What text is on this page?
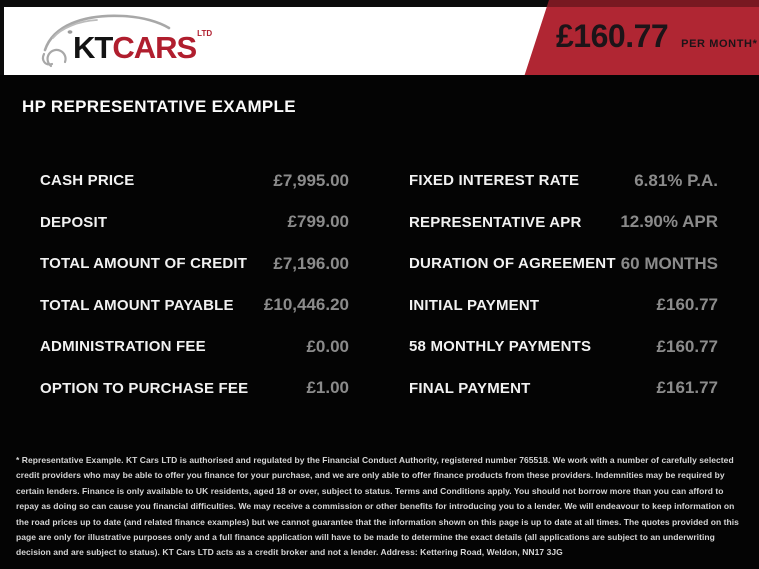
$KTCARS^{LTD}$	£160.77 PER MONTH*
HP REPRESENTATIVE EXAMPLE
CASH PRICE	£7,995.00
DEPOSIT	£799.00
TOTAL AMOUNT OF CREDIT £7,196.00
TOTAL AMOUNT PAYABLE £10,446.20
ADMINISTRATION FEE	£0.00
OPTION TO PURCHASE FEE	£1.00
FIXED INTEREST RATE	6.81% P.A.
REPRESENTATIVE APR 12.90% APR
DURATION OF AGREEMENT 60 MONTHS
INITIAL PAYMENT	£160.77
58 MONTHLY PAYMENTS	£160.77
FINAL PAYMENT	£161.77

* Representative Example. KT Cars LTD is authorised and regulated by the Financial Conduct Authority, registered number 765518. We work with a number of carefully selected credit providers who may be able to offer you finance for your purchase, and we are only able to offer finance products from these providers. Indemnities may be required by certain lenders. Finance is only available to UK residents, aged 18 or over, subject to status. Terms and Conditions apply. You should not borrow more than you can afford to repay as doing so can cause you financial difficulties. We may receive a commission or other benefits for introducing you to a lender. We will endeavour to keep information on the road prices up to date (and related finance examples) but we cannot guarantee that the information shown on this page is up to date at all times. The quotes provided on this page are only for illustrative purposes only and a full finance application will have to be made to determine the exact details (all applications are subject to an underwriting decision and are subject to status). KT Cars LTD acts as a credit broker and not a lender. Address: Kettering Road, Weldon, NN17 3JG
